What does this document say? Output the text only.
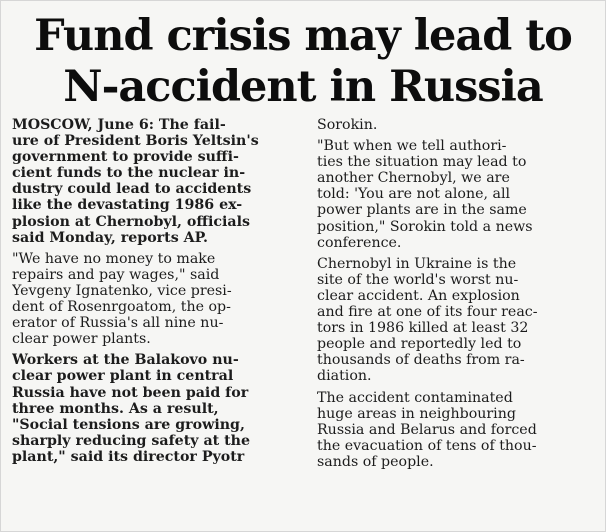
Fund crisis may lead to
N-accident in Russia
MOSCOW, June 6: The fail-
ure of President Boris Yeltsin's
government to provide suffi-
cient funds to the nuclear in-
dustry could lead to accidents
like the devastating 1986 ex-
plosion at Chernobyl, officials
said Monday, reports AP.
"We have no money to make
repairs and pay wages," said
Yevgeny Ignatenko, vice presi-
dent of Rosenrgoatom, the op-
erator of Russia's all nine nu-
clear power plants.
Workers at the Balakovo nu-
clear power plant in central
Russia have not been paid for
three months. As a result,
"Social tensions are growing,
sharply reducing safety at the
plant," said its director Pyotr
Sorokin.
"But when we tell authori-
ties the situation may lead to
another Chernobyl, we are
told: 'You are not alone, all
power plants are in the same
position," Sorokin told a news
conference.
Chernobyl in Ukraine is the
site of the world's worst nu-
clear accident. An explosion
and fire at one of its four reac-
tors in 1986 killed at least 32
people and reportedly led to
thousands of deaths from ra-
diation.
The accident contaminated
huge areas in neighbouring
Russia and Belarus and forced
the evacuation of tens of thou-
sands of people.
